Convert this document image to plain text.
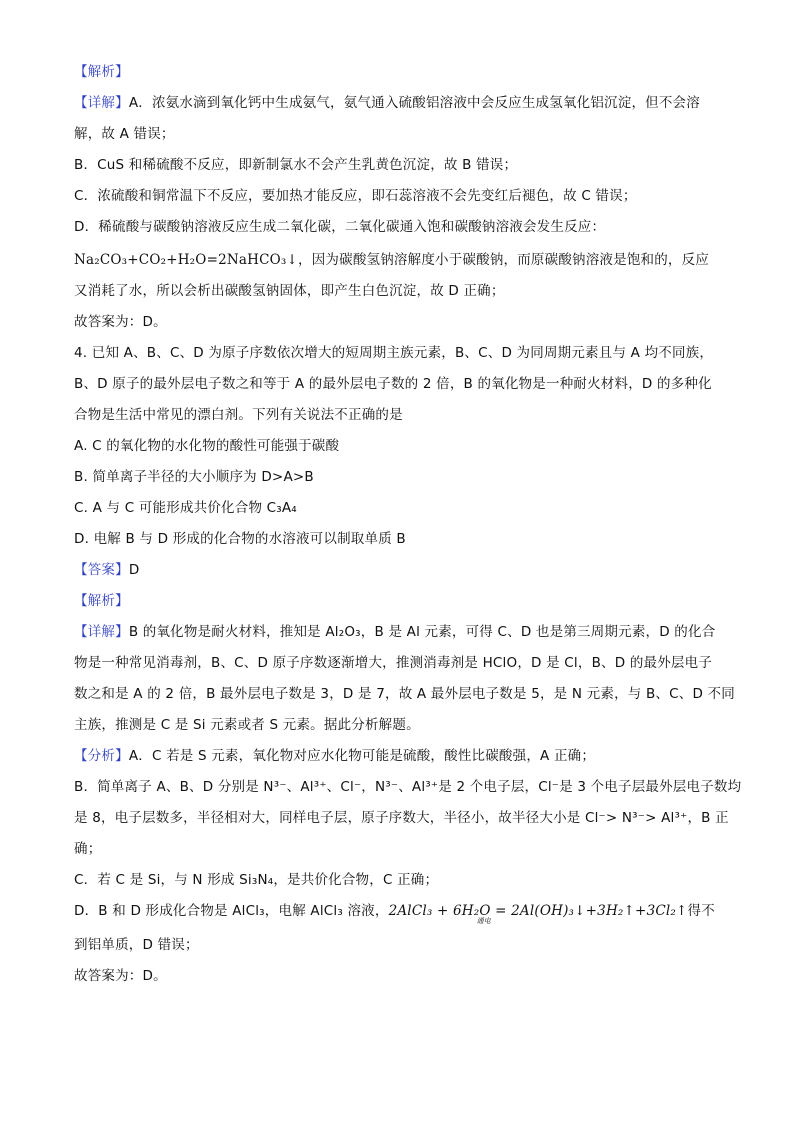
【解析】
【详解】A．浓氨水滴到氧化钙中生成氨气，氨气通入硫酸铝溶液中会反应生成氢氧化铝沉淀，但不会溶
解，故 A 错误；
B．CuS 和稀硫酸不反应，即新制氯水不会产生乳黄色沉淀，故 B 错误；
C．浓硫酸和铜常温下不反应，要加热才能反应，即石蕊溶液不会先变红后褪色，故 C 错误；
D．稀硫酸与碳酸钠溶液反应生成二氧化碳，二氧化碳通入饱和碳酸钠溶液会发生反应：
Na₂CO₃+CO₂+H₂O=2NaHCO₃↓，因为碳酸氢钠溶解度小于碳酸钠，而原碳酸钠溶液是饱和的，反应
又消耗了水，所以会析出碳酸氢钠固体，即产生白色沉淀，故 D 正确；
故答案为：D。
4. 已知 A、B、C、D 为原子序数依次增大的短周期主族元素，B、C、D 为同周期元素且与 A 均不同族，
B、D 原子的最外层电子数之和等于 A 的最外层电子数的 2 倍，B 的氧化物是一种耐火材料，D 的多种化
合物是生活中常见的漂白剂。下列有关说法不正确的是
A. C 的氧化物的水化物的酸性可能强于碳酸
B. 简单离子半径的大小顺序为 D>A>B
C. A 与 C 可能形成共价化合物 C₃A₄
D. 电解 B 与 D 形成的化合物的水溶液可以制取单质 B
【答案】D
【解析】
【详解】B 的氧化物是耐火材料，推知是 Al₂O₃，B 是 Al 元素，可得 C、D 也是第三周期元素，D 的化合
物是一种常见消毒剂，B、C、D 原子序数逐渐增大，推测消毒剂是 HClO，D 是 Cl，B、D 的最外层电子
数之和是 A 的 2 倍，B 最外层电子数是 3，D 是 7，故 A 最外层电子数是 5，是 N 元素，与 B、C、D 不同
主族，推测是 C 是 Si 元素或者 S 元素。据此分析解题。
【分析】A．C 若是 S 元素，氧化物对应水化物可能是硫酸，酸性比碳酸强，A 正确；
B．简单离子 A、B、D 分别是 N³⁻、Al³⁺、Cl⁻，N³⁻、Al³⁺是 2 个电子层，Cl⁻是 3 个电子层最外层电子数均
是 8，电子层数多，半径相对大，同样电子层，原子序数大，半径小，故半径大小是 Cl⁻> N³⁻> Al³⁺，B 正
确；
C．若 C 是 Si，与 N 形成 Si₃N₄，是共价化合物，C 正确；
D．B 和 D 形成化合物是 AlCl₃，电解 AlCl₃ 溶液，2AlCl₃ + 6H₂O = 2Al(OH)₃↓+3H₂↑+3Cl₂↑
通电
得不
到铝单质，D 错误；
故答案为：D。
